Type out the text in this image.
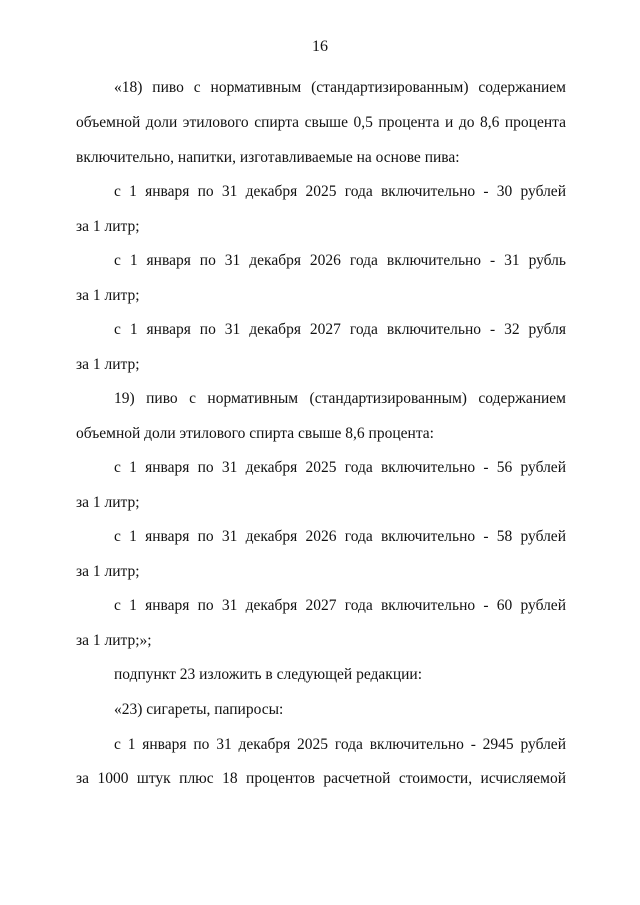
16
«18) пиво с нормативным (стандартизированным) содержанием
объемной доли этилового спирта свыше 0,5 процента и до 8,6 процента
включительно, напитки, изготавливаемые на основе пива:
с 1 января по 31 декабря 2025 года включительно - 30 рублей
за 1 литр;
с 1 января по 31 декабря 2026 года включительно - 31 рубль
за 1 литр;
с 1 января по 31 декабря 2027 года включительно - 32 рубля
за 1 литр;
19) пиво с нормативным (стандартизированным) содержанием
объемной доли этилового спирта свыше 8,6 процента:
с 1 января по 31 декабря 2025 года включительно - 56 рублей
за 1 литр;
с 1 января по 31 декабря 2026 года включительно - 58 рублей
за 1 литр;
с 1 января по 31 декабря 2027 года включительно - 60 рублей
за 1 литр;»;
подпункт 23 изложить в следующей редакции:
«23) сигареты, папиросы:
с 1 января по 31 декабря 2025 года включительно - 2945 рублей
за 1000 штук плюс 18 процентов расчетной стоимости, исчисляемой
